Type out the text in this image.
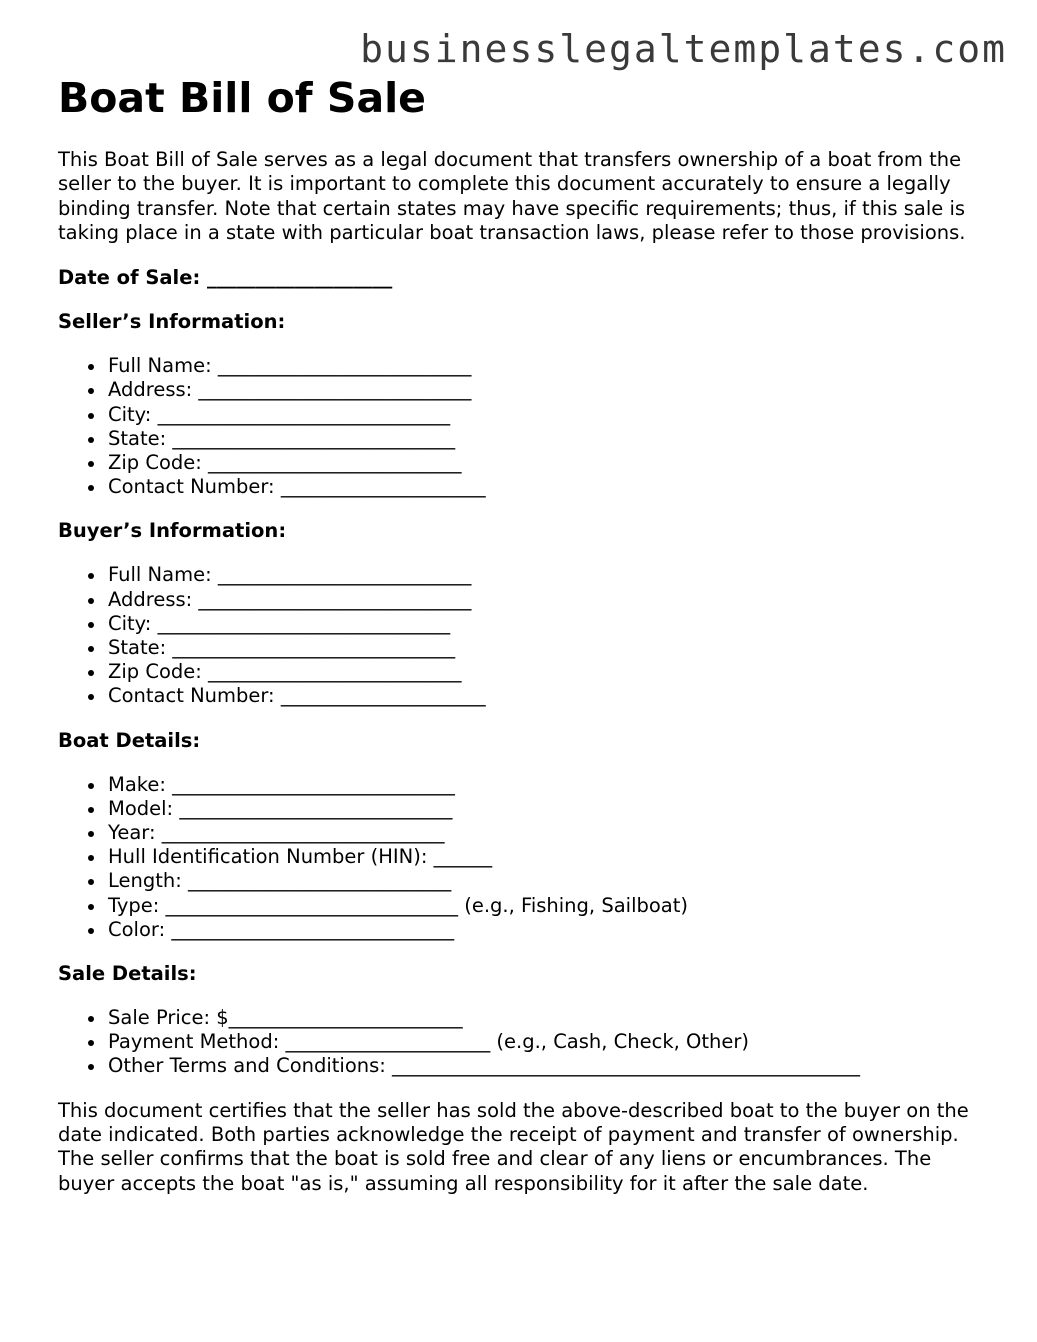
businesslegaltemplates.com
Boat Bill of Sale

This Boat Bill of Sale serves as a legal document that transfers ownership of a boat from the seller to the buyer. It is important to complete this document accurately to ensure a legally binding transfer. Note that certain states may have specific requirements; thus, if this sale is taking place in a state with particular boat transaction laws, please refer to those provisions.

Date of Sale: ___________________

Seller’s Information:

Full Name: __________________________
Address: ____________________________
City: ______________________________
State: _____________________________
Zip Code: __________________________
Contact Number: _____________________

Buyer’s Information:

Full Name: __________________________
Address: ____________________________
City: ______________________________
State: _____________________________
Zip Code: __________________________
Contact Number: _____________________

Boat Details:

Make: _____________________________
Model: ____________________________
Year: _____________________________
Hull Identification Number (HIN): ______
Length: ___________________________
Type: ______________________________ (e.g., Fishing, Sailboat)
Color: _____________________________

Sale Details:

Sale Price: $________________________
Payment Method: _____________________ (e.g., Cash, Check, Other)
Other Terms and Conditions: ________________________________________________

This document certifies that the seller has sold the above-described boat to the buyer on the date indicated. Both parties acknowledge the receipt of payment and transfer of ownership. The seller confirms that the boat is sold free and clear of any liens or encumbrances. The buyer accepts the boat "as is," assuming all responsibility for it after the sale date.
